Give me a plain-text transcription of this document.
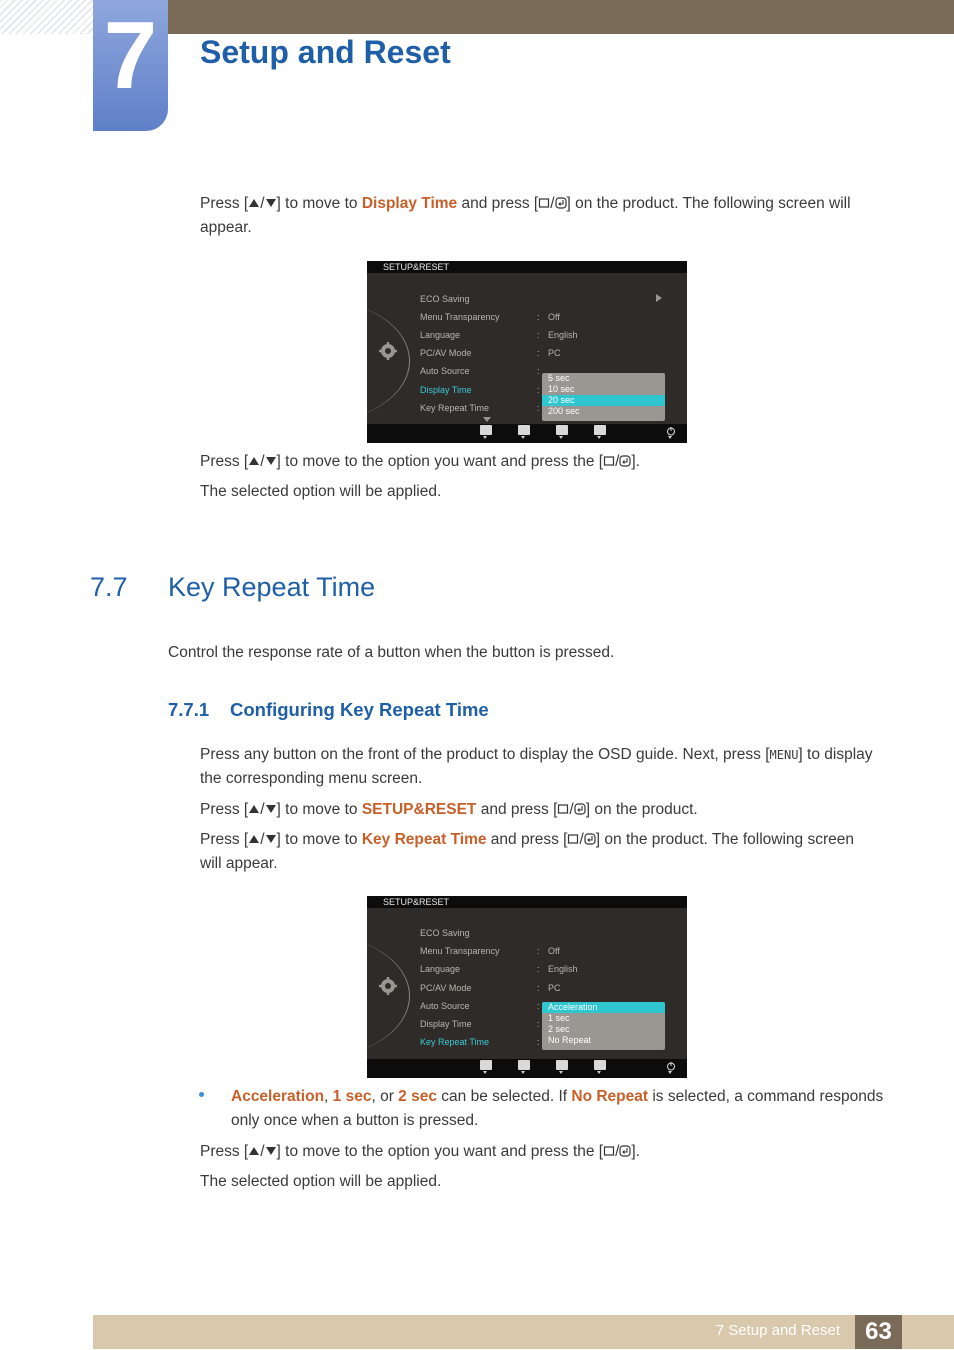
7	Setup and Reset

Press [ / ] to move to Display Time and press [ / ] on the product. The following screen will
appear.

SETUP&RESET
ECO Saving
Menu Transparency	: Off
Language	: English
PC/AV Mode	: PC
Auto Source	:
Display Time	:
Key Repeat Time	:
5 sec
10 sec
20 sec
200 sec

Press [ / ] to move to the option you want and press the [ / ].

The selected option will be applied.

7.7 Key Repeat Time

Control the response rate of a button when the button is pressed.

7.7.1 Configuring Key Repeat Time

Press any button on the front of the product to display the OSD guide. Next, press [MENU] to display
the corresponding menu screen.

Press [ / ] to move to SETUP&RESET and press [ / ] on the product.

Press [ / ] to move to Key Repeat Time and press [ / ] on the product. The following screen
will appear.

SETUP&RESET
ECO Saving
Menu Transparency	: Off
Language	: English
PC/AV Mode	: PC
Auto Source	:
Display Time	:
Key Repeat Time	:
Acceleration
1 sec
2 sec
No Repeat

Acceleration, 1 sec, or 2 sec can be selected. If No Repeat is selected, a command responds
only once when a button is pressed.

Press [ / ] to move to the option you want and press the [ / ].

The selected option will be applied.

7 Setup and Reset	63
